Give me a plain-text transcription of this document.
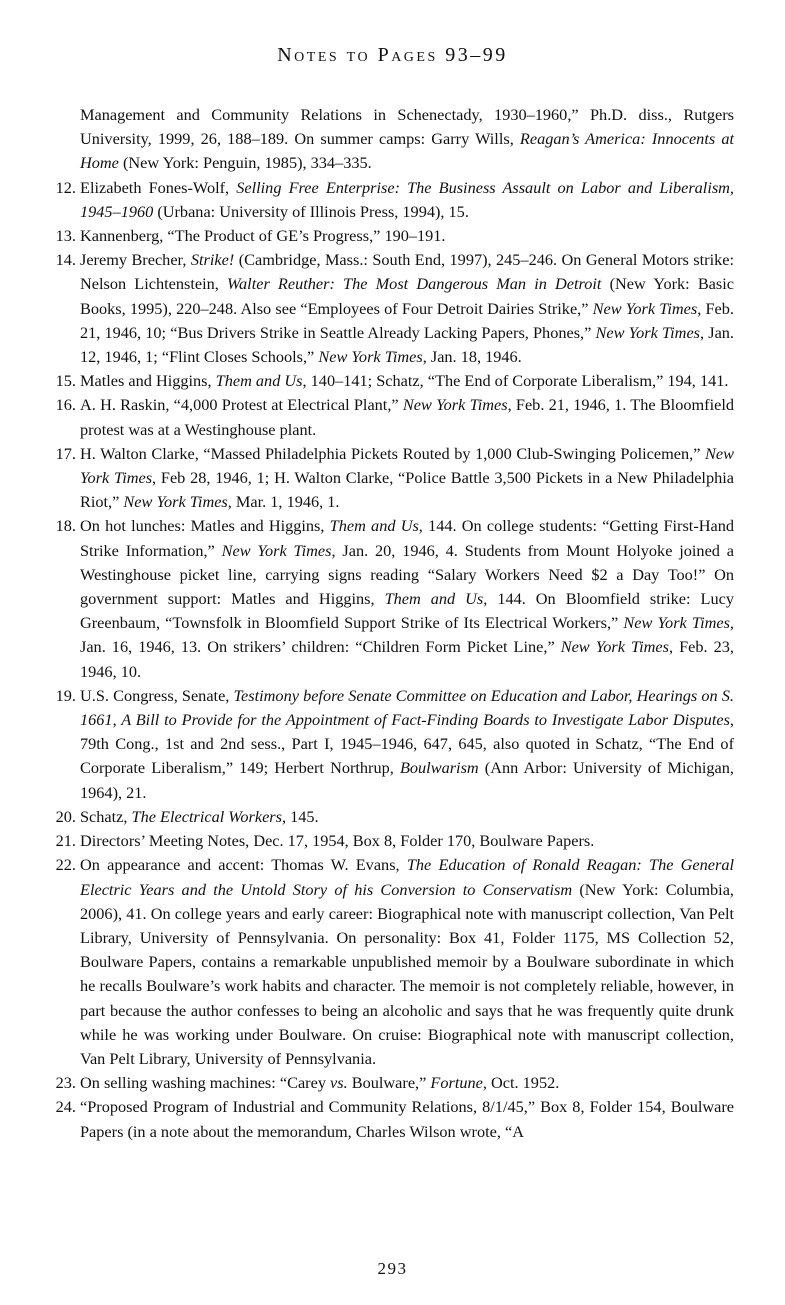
Notes to Pages 93–99
Management and Community Relations in Schenectady, 1930–1960,” Ph.D. diss., Rutgers University, 1999, 26, 188–189. On summer camps: Garry Wills, Reagan’s America: Innocents at Home (New York: Penguin, 1985), 334–335.
12. Elizabeth Fones-Wolf, Selling Free Enterprise: The Business Assault on Labor and Liberalism, 1945–1960 (Urbana: University of Illinois Press, 1994), 15.
13. Kannenberg, “The Product of GE’s Progress,” 190–191.
14. Jeremy Brecher, Strike! (Cambridge, Mass.: South End, 1997), 245–246. On General Motors strike: Nelson Lichtenstein, Walter Reuther: The Most Dangerous Man in Detroit (New York: Basic Books, 1995), 220–248. Also see “Employees of Four Detroit Dairies Strike,” New York Times, Feb. 21, 1946, 10; “Bus Drivers Strike in Seattle Already Lacking Papers, Phones,” New York Times, Jan. 12, 1946, 1; “Flint Closes Schools,” New York Times, Jan. 18, 1946.
15. Matles and Higgins, Them and Us, 140–141; Schatz, “The End of Corporate Liberalism,” 194, 141.
16. A. H. Raskin, “4,000 Protest at Electrical Plant,” New York Times, Feb. 21, 1946, 1. The Bloomfield protest was at a Westinghouse plant.
17. H. Walton Clarke, “Massed Philadelphia Pickets Routed by 1,000 Club-Swinging Policemen,” New York Times, Feb 28, 1946, 1; H. Walton Clarke, “Police Battle 3,500 Pickets in a New Philadelphia Riot,” New York Times, Mar. 1, 1946, 1.
18. On hot lunches: Matles and Higgins, Them and Us, 144. On college students: “Getting First-Hand Strike Information,” New York Times, Jan. 20, 1946, 4. Students from Mount Holyoke joined a Westinghouse picket line, carrying signs reading “Salary Workers Need $2 a Day Too!” On government support: Matles and Higgins, Them and Us, 144. On Bloomfield strike: Lucy Greenbaum, “Townsfolk in Bloomfield Support Strike of Its Electrical Workers,” New York Times, Jan. 16, 1946, 13. On strikers’ children: “Children Form Picket Line,” New York Times, Feb. 23, 1946, 10.
19. U.S. Congress, Senate, Testimony before Senate Committee on Education and Labor, Hearings on S. 1661, A Bill to Provide for the Appointment of Fact-Finding Boards to Investigate Labor Disputes, 79th Cong., 1st and 2nd sess., Part I, 1945–1946, 647, 645, also quoted in Schatz, “The End of Corporate Liberalism,” 149; Herbert Northrup, Boulwarism (Ann Arbor: University of Michigan, 1964), 21.
20. Schatz, The Electrical Workers, 145.
21. Directors’ Meeting Notes, Dec. 17, 1954, Box 8, Folder 170, Boulware Papers.
22. On appearance and accent: Thomas W. Evans, The Education of Ronald Reagan: The General Electric Years and the Untold Story of his Conversion to Conservatism (New York: Columbia, 2006), 41. On college years and early career: Biographical note with manuscript collection, Van Pelt Library, University of Pennsylvania. On personality: Box 41, Folder 1175, MS Collection 52, Boulware Papers, contains a remarkable unpublished memoir by a Boulware subordinate in which he recalls Boulware’s work habits and character. The memoir is not completely reliable, however, in part because the author confesses to being an alcoholic and says that he was frequently quite drunk while he was working under Boulware. On cruise: Biographical note with manuscript collection, Van Pelt Library, University of Pennsylvania.
23. On selling washing machines: “Carey vs. Boulware,” Fortune, Oct. 1952.
24. “Proposed Program of Industrial and Community Relations, 8/1/45,” Box 8, Folder 154, Boulware Papers (in a note about the memorandum, Charles Wilson wrote, “A
293
